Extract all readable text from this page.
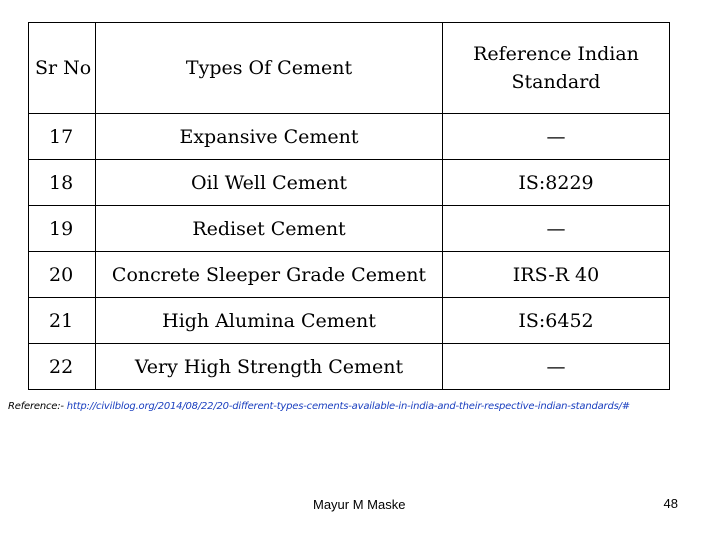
Sr No	Types Of Cement	Reference Indian Standard
17	Expansive Cement	—
18	Oil Well Cement	IS:8229
19	Rediset Cement	—
20	Concrete Sleeper Grade Cement	IRS-R 40
21	High Alumina Cement	IS:6452
22	Very High Strength Cement	—
Reference:- http://civilblog.org/2014/08/22/20-different-types-cements-available-in-india-and-their-respective-indian-standards/#
Mayur M Maske	48
